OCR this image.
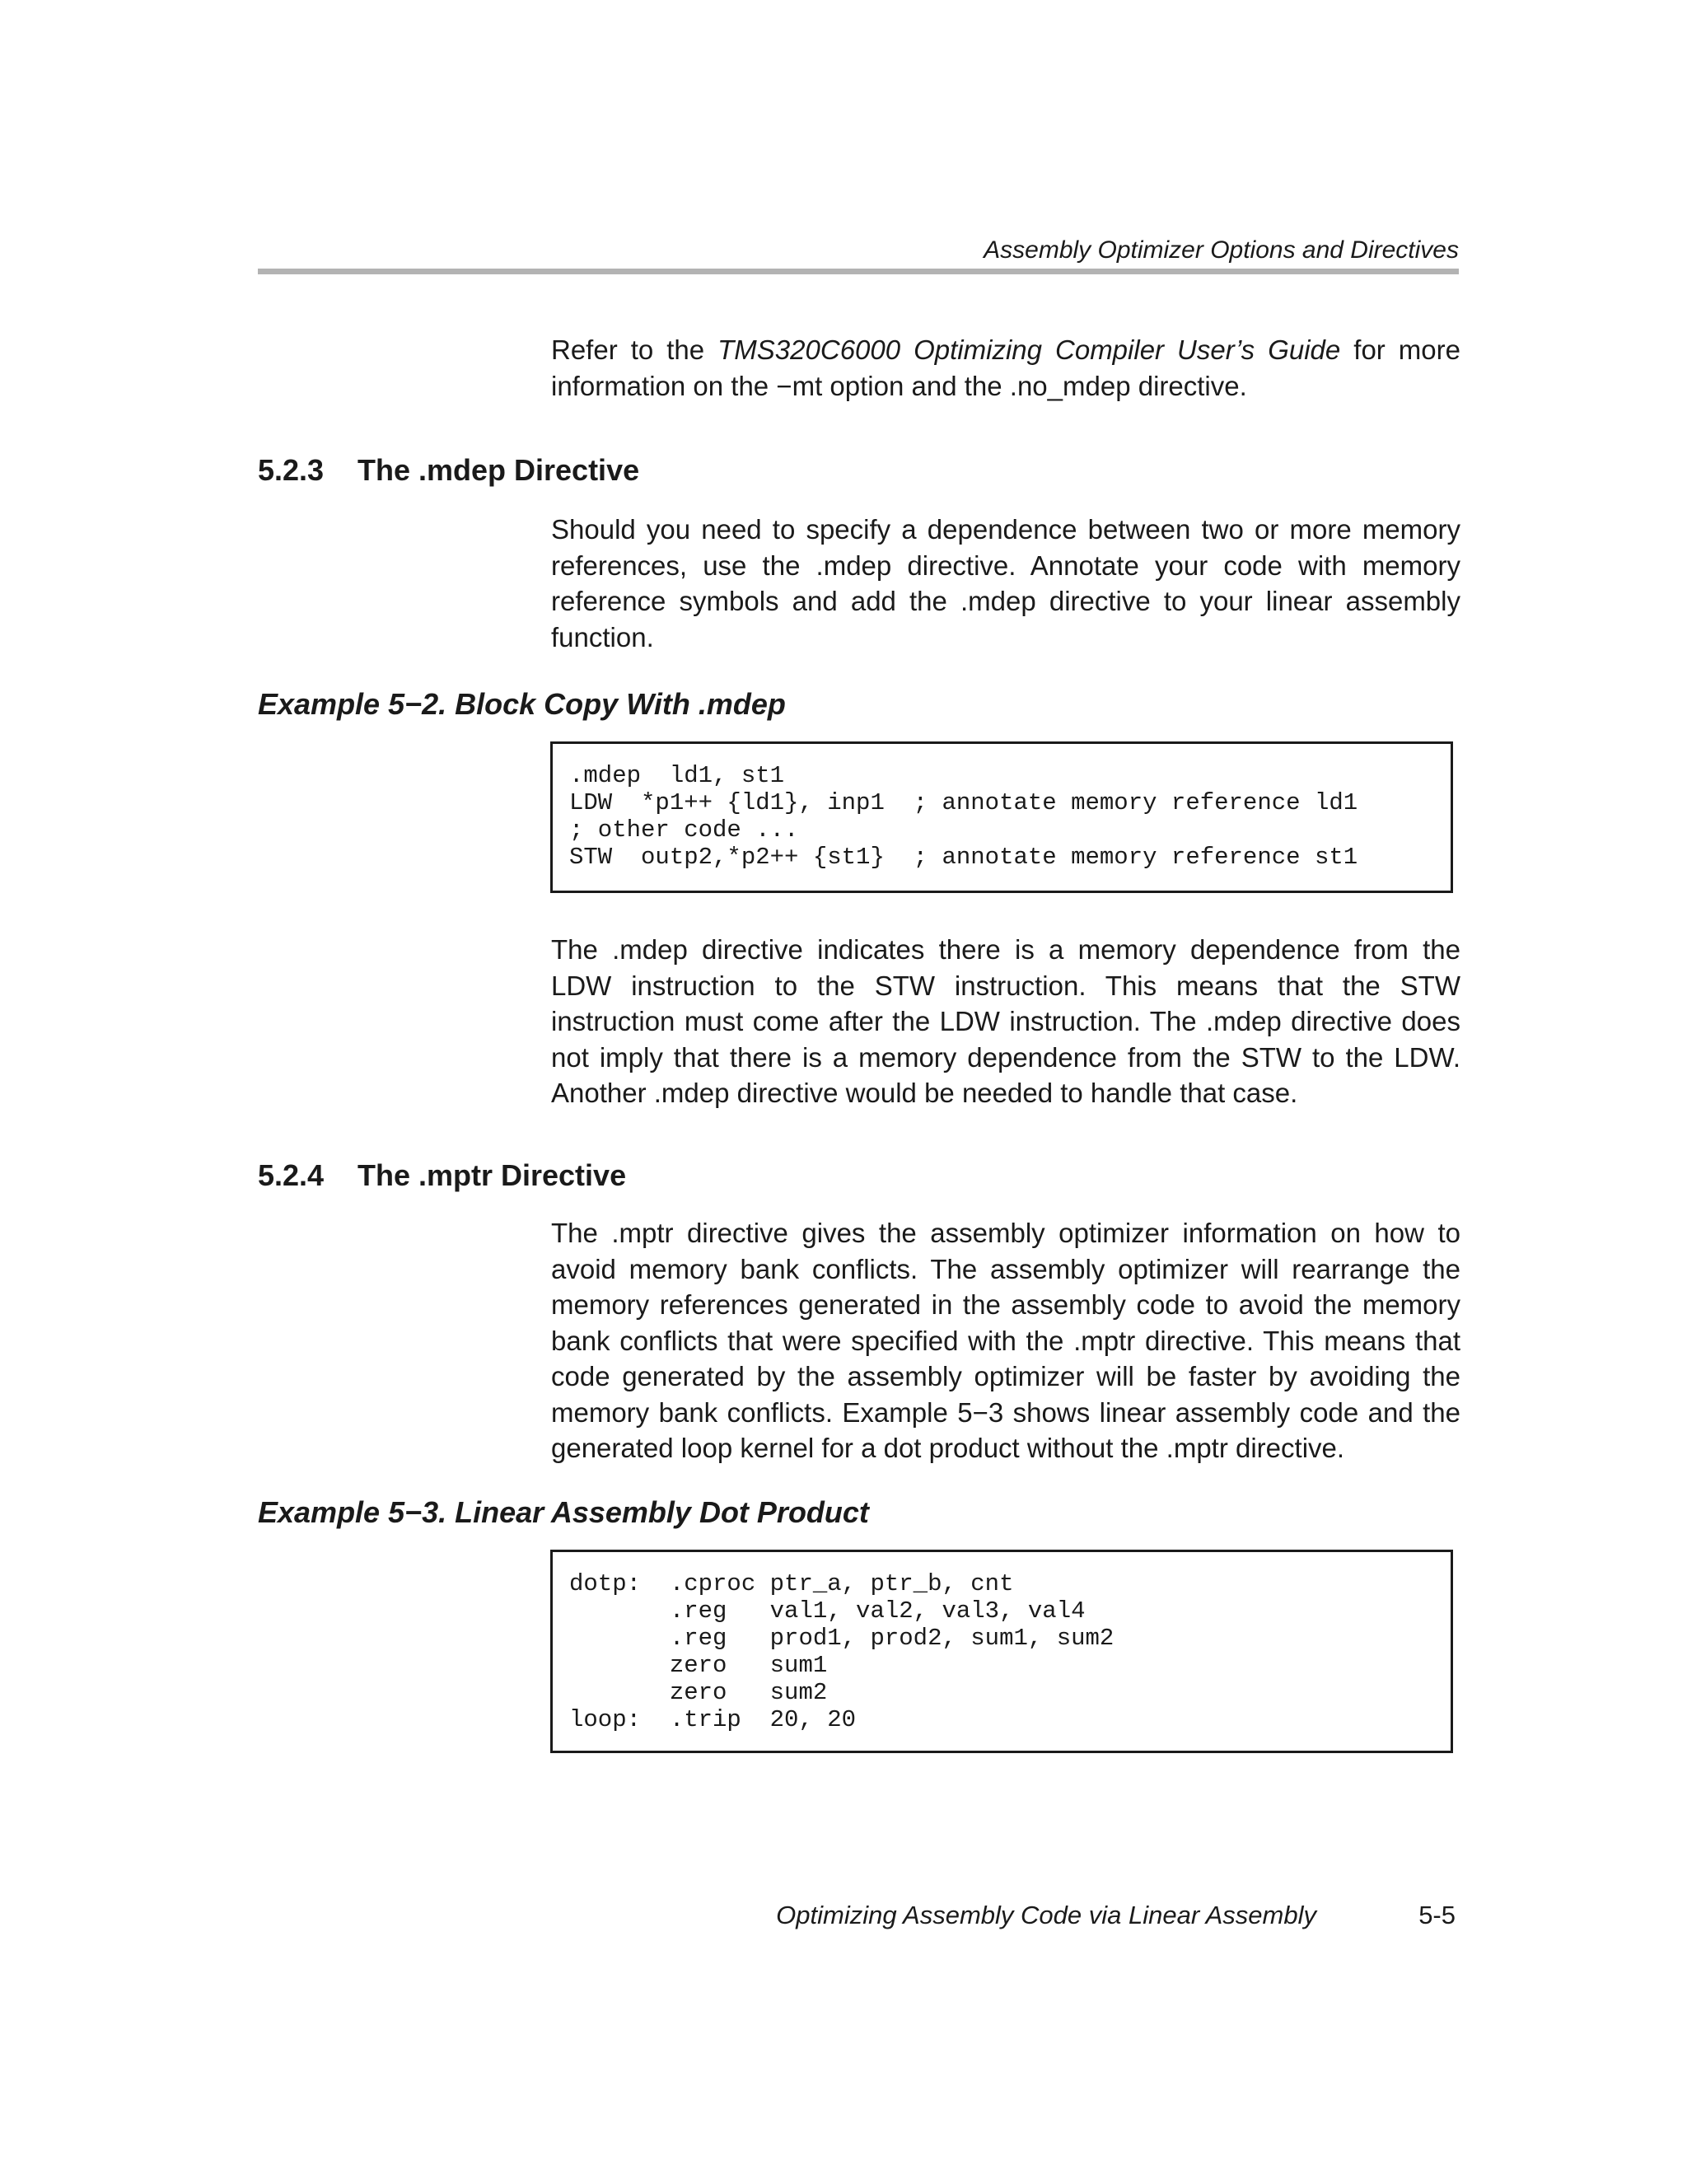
Assembly Optimizer Options and Directives

Refer to the TMS320C6000 Optimizing Compiler User’s Guide for more information on the −mt option and the .no_mdep directive.

5.2.3 The .mdep Directive

Should you need to specify a dependence between two or more memory references, use the .mdep directive. Annotate your code with memory reference symbols and add the .mdep directive to your linear assembly function.

Example 5−2. Block Copy With .mdep
.mdep  ld1, st1
LDW  *p1++ {ld1}, inp1  ; annotate memory reference ld1
; other code ...
STW  outp2,*p2++ {st1}  ; annotate memory reference st1

The .mdep directive indicates there is a memory dependence from the LDW instruction to the STW instruction. This means that the STW instruction must come after the LDW instruction. The .mdep directive does not imply that there is a memory dependence from the STW to the LDW. Another .mdep directive would be needed to handle that case.

5.2.4 The .mptr Directive

The .mptr directive gives the assembly optimizer information on how to avoid memory bank conflicts. The assembly optimizer will rearrange the memory references generated in the assembly code to avoid the memory bank conflicts that were specified with the .mptr directive. This means that code generated by the assembly optimizer will be faster by avoiding the memory bank conflicts. Example 5−3 shows linear assembly code and the generated loop kernel for a dot product without the .mptr directive.

Example 5−3. Linear Assembly Dot Product
dotp:  .cproc ptr_a, ptr_b, cnt
.reg   val1, val2, val3, val4
.reg   prod1, prod2, sum1, sum2
zero   sum1
zero   sum2
loop:  .trip  20, 20
Optimizing Assembly Code via Linear Assembly	5-5
